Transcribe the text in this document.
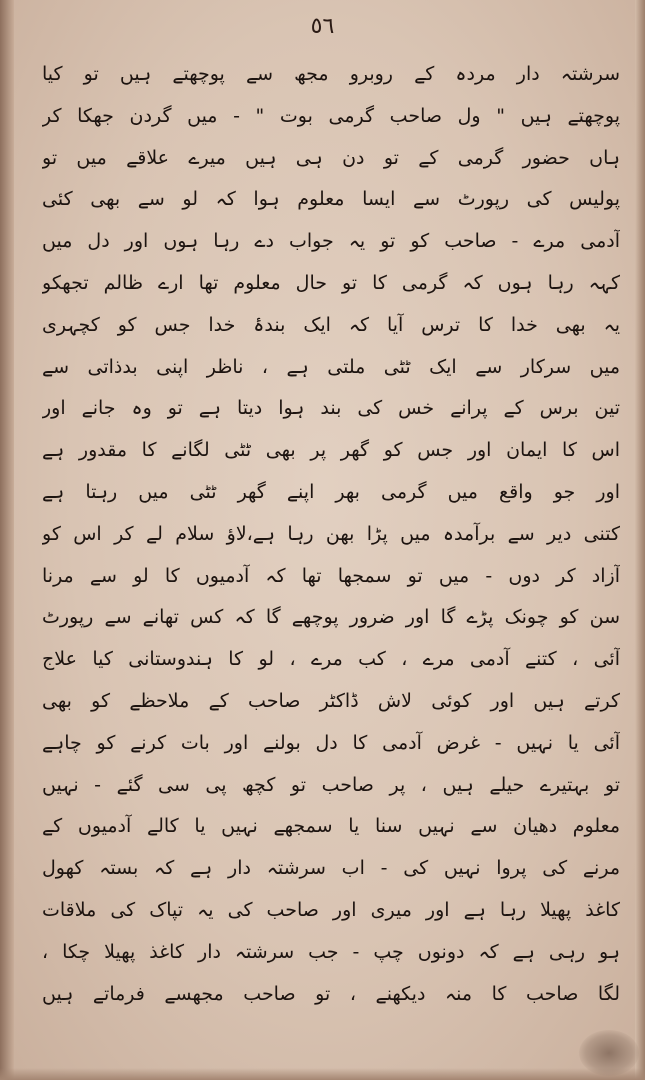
٥٦
سرشتہ دار مردہ کے روبرو مجھ سے پوچھتے ہیں تو کیا
پوچھتے ہیں " ول صاحب گرمی بوت " - میں گردن جھکا کر
ہاں حضور گرمی کے تو دن ہی ہیں میرے علاقے میں تو
پولیس کی رپورٹ سے ایسا معلوم ہوا کہ لو سے بھی کئی
آدمی مرے - صاحب کو تو یہ جواب دے رہا ہوں اور دل میں
کہہ رہا ہوں کہ گرمی کا تو حال معلوم تھا ارے ظالم تجھکو
یہ بھی خدا کا ترس آیا کہ ایک بندۂ خدا جس کو کچہری
میں سرکار سے ایک ٹٹی ملتی ہے ، ناظر اپنی بدذاتی سے
تین برس کے پرانے خس کی بند ہوا دیتا ہے تو وہ جانے اور
اس کا ایمان اور جس کو گھر پر بھی ٹٹی لگانے کا مقدور ہے
اور جو واقع میں گرمی بھر اپنے گھر ٹٹی میں رہتا ہے
کتنی دیر سے برآمدہ میں پڑا بھن رہا ہے،لاؤ سلام لے کر اس کو
آزاد کر دوں - میں تو سمجھا تھا کہ آدمیوں کا لو سے مرنا
سن کو چونک پڑے گا اور ضرور پوچھے گا کہ کس تھانے سے رپورٹ
آئی ، کتنے آدمی مرے ، کب مرے ، لو کا ہندوستانی کیا علاج
کرتے ہیں اور کوئی لاش ڈاکٹر صاحب کے ملاحظے کو بھی
آئی یا نہیں - غرض آدمی کا دل بولنے اور بات کرنے کو چاہے
تو بہتیرے حیلے ہیں ، پر صاحب تو کچھ پی سی گئے - نہیں
معلوم دھیان سے نہیں سنا یا سمجھے نہیں یا کالے آدمیوں کے
مرنے کی پروا نہیں کی - اب سرشتہ دار ہے کہ بستہ کھول
کاغذ پھیلا رہا ہے اور میری اور صاحب کی یہ تپاک کی ملاقات
ہو رہی ہے کہ دونوں چپ - جب سرشتہ دار کاغذ پھیلا چکا ،
لگا صاحب کا منہ دیکھنے ، تو صاحب مجھسے فرماتے ہیں
